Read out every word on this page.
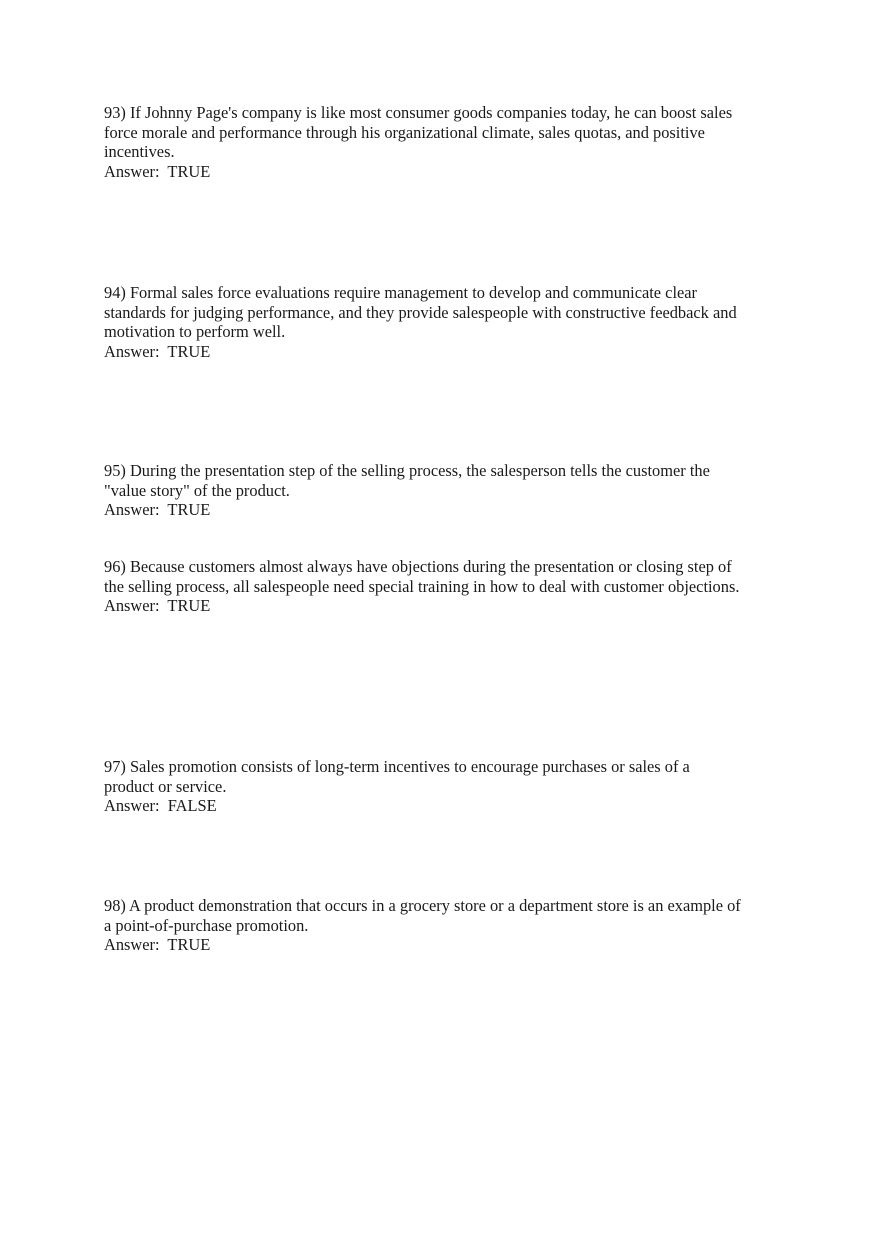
93) If Johnny Page's company is like most consumer goods companies today, he can boost sales
force morale and performance through his organizational climate, sales quotas, and positive
incentives.
Answer:  TRUE
94) Formal sales force evaluations require management to develop and communicate clear
standards for judging performance, and they provide salespeople with constructive feedback and
motivation to perform well.
Answer:  TRUE
95) During the presentation step of the selling process, the salesperson tells the customer the
"value story" of the product.
Answer:  TRUE
96) Because customers almost always have objections during the presentation or closing step of
the selling process, all salespeople need special training in how to deal with customer objections.
Answer:  TRUE
97) Sales promotion consists of long-term incentives to encourage purchases or sales of a
product or service.
Answer:  FALSE
98) A product demonstration that occurs in a grocery store or a department store is an example of
a point-of-purchase promotion.
Answer:  TRUE
